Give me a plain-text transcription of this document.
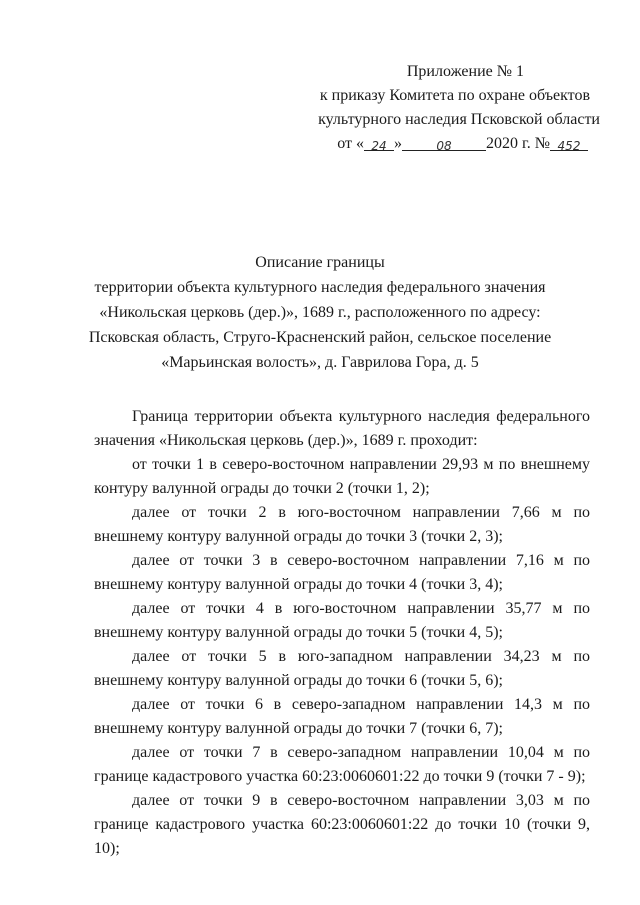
Приложение № 1
к приказу Комитета по охране объектов
культурного наследия Псковской области
от « 24 »	08 2020 г. № 452
Описание границы
территории объекта культурного наследия федерального значения
«Никольская церковь (дер.)», 1689 г., расположенного по адресу:
Псковская область, Струго-Красненский район, сельское поселение
«Марьинская волость», д. Гаврилова Гора, д. 5

Граница территории объекта культурного наследия федерального значения «Никольская церковь (дер.)», 1689 г. проходит:

от точки 1 в северо-восточном направлении 29,93 м по внешнему контуру валунной ограды до точки 2 (точки 1, 2);

далее от точки 2 в юго-восточном направлении 7,66 м по внешнему контуру валунной ограды до точки 3 (точки 2, 3);

далее от точки 3 в северо-восточном направлении 7,16 м по внешнему контуру валунной ограды до точки 4 (точки 3, 4);

далее от точки 4 в юго-восточном направлении 35,77 м по внешнему контуру валунной ограды до точки 5 (точки 4, 5);

далее от точки 5 в юго-западном направлении 34,23 м по внешнему контуру валунной ограды до точки 6 (точки 5, 6);

далее от точки 6 в северо-западном направлении 14,3 м по внешнему контуру валунной ограды до точки 7 (точки 6, 7);

далее от точки 7 в северо-западном направлении 10,04 м по границе кадастрового участка 60:23:0060601:22 до точки 9 (точки 7 - 9);

далее от точки 9 в северо-восточном направлении 3,03 м по границе кадастрового участка 60:23:0060601:22 до точки 10 (точки 9, 10);
